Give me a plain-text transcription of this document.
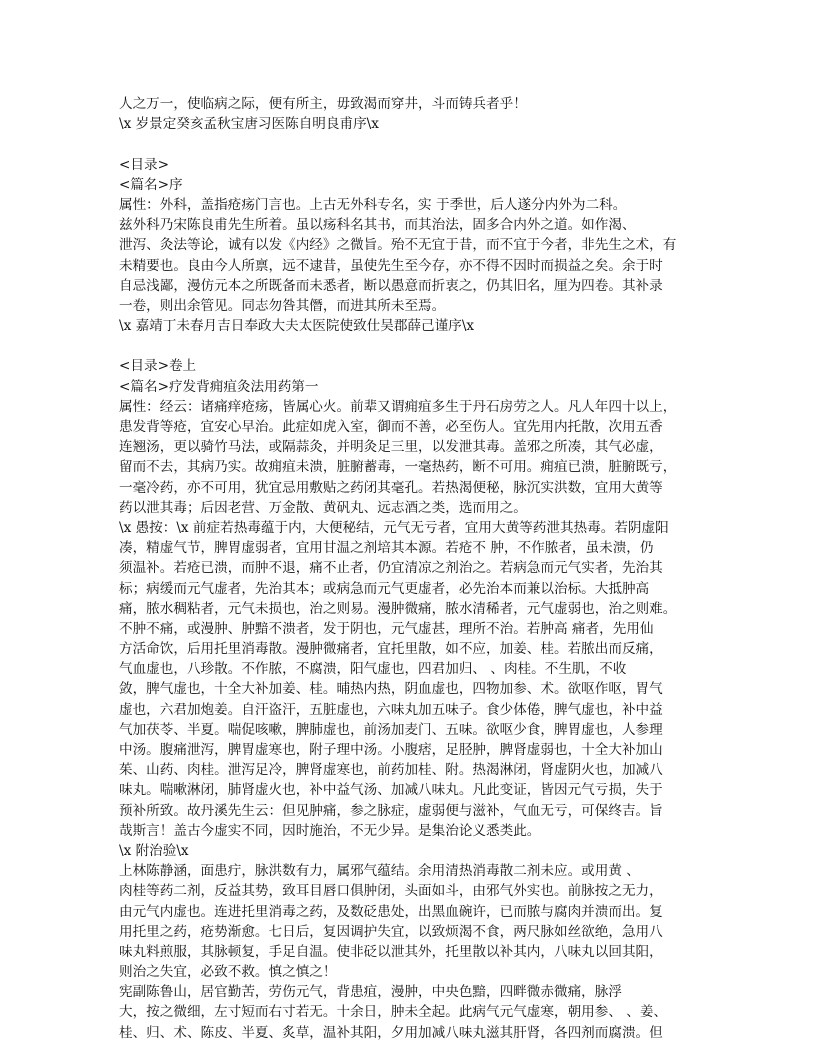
人之万一，使临病之际，便有所主，毋致渴而穿井，斗而铸兵者乎！
\x 岁景定癸亥孟秋宝唐习医陈自明良甫序\x
<目录>
<篇名>序
属性：外科，盖指疮疡门言也。上古无外科专名，实 于季世，后人遂分内外为二科。
兹外科乃宋陈良甫先生所着。虽以疡科名其书，而其治法，固多合内外之道。如作渴、
泄泻、灸法等论，诚有以发《内经》之微旨。殆不无宜于昔，而不宜于今者，非先生之术，有
未精要也。良由今人所禀，远不逮昔，虽使先生至今存，亦不得不因时而损益之矣。余于时
自忌浅鄙，漫仿元本之所既备而未悉者，断以愚意而折衷之，仍其旧名，厘为四卷。其补录
一卷，则出余管见。同志勿咎其僭，而进其所未至焉。
\x 嘉靖丁未春月吉日奉政大夫太医院使致仕吴郡薛己谨序\x
<目录>卷上
<篇名>疗发背痈疽灸法用药第一
属性：经云：诸痛痒疮疡，皆属心火。前辈又谓痈疽多生于丹石房劳之人。凡人年四十以上，
患发背等疮，宜安心早治。此症如虎入室，御而不善，必至伤人。宜先用内托散，次用五香
连翘汤，更以骑竹马法，或隔蒜灸，并明灸足三里，以发泄其毒。盖邪之所凑，其气必虚，
留而不去，其病乃实。故痈疽未溃，脏腑蓄毒，一毫热药，断不可用。痈疽已溃，脏腑既亏，
一毫冷药，亦不可用，犹宜忌用敷贴之药闭其毫孔。若热渴便秘，脉沉实洪数，宜用大黄等
药以泄其毒；后因老营、万金散、黄矾丸、远志酒之类，选而用之。
\x 愚按：\x 前症若热毒蕴于内，大便秘结，元气无亏者，宜用大黄等药泄其热毒。若阴虚阳
凑，精虚气节，脾胃虚弱者，宜用甘温之剂培其本源。若疮不 肿，不作脓者，虽未溃，仍
须温补。若疮已溃，而肿不退，痛不止者，仍宜清凉之剂治之。若病急而元气实者，先治其
标；病缓而元气虚者，先治其本；或病急而元气更虚者，必先治本而兼以治标。大抵肿高
痛，脓水稠粘者，元气未损也，治之则易。漫肿微痛，脓水清稀者，元气虚弱也，治之则难。
不肿不痛，或漫肿、肿黯不溃者，发于阴也，元气虚甚，理所不治。若肿高 痛者，先用仙
方活命饮，后用托里消毒散。漫肿微痛者，宜托里散，如不应，加姜、桂。若脓出而反痛，
气血虚也，八珍散。不作脓，不腐溃，阳气虚也，四君加归、 、肉桂。不生肌，不收
敛，脾气虚也，十全大补加姜、桂。晡热内热，阴血虚也，四物加参、术。欲呕作呕，胃气
虚也，六君加炮姜。自汗盗汗，五脏虚也，六味丸加五味子。食少体倦，脾气虚也，补中益
气加茯苓、半夏。喘促咳嗽，脾肺虚也，前汤加麦门、五味。欲呕少食，脾胃虚也，人参理
中汤。腹痛泄泻，脾胃虚寒也，附子理中汤。小腹痞，足胫肿，脾肾虚弱也，十全大补加山
茱、山药、肉桂。泄泻足冷，脾肾虚寒也，前药加桂、附。热渴淋闭，肾虚阴火也，加减八
味丸。喘嗽淋闭，肺肾虚火也，补中益气汤、加减八味丸。凡此变证，皆因元气亏损，失于
预补所致。故丹溪先生云：但见肿痛，参之脉症，虚弱便与滋补，气血无亏，可保终吉。旨
哉斯言！盖古今虚实不同，因时施治，不无少异。是集治论义悉类此。
\x 附治验\x
上林陈静涵，面患疔，脉洪数有力，属邪气蕴结。余用清热消毒散二剂未应。或用黄 、
肉桂等药二剂，反益其势，致耳目唇口俱肿闭，头面如斗，由邪气外实也。前脉按之无力，
由元气内虚也。连进托里消毒之药，及数砭患处，出黑血碗许，已而脓与腐肉并溃而出。复
用托里之药，疮势渐愈。七日后，复因调护失宜，以致烦渴不食，两尺脉如丝欲绝，急用八
味丸料煎服，其脉顿复，手足自温。使非砭以泄其外，托里散以补其内，八味丸以回其阳，
则治之失宜，必致不救。慎之慎之！
宪副陈鲁山，居官勤苦，劳伤元气，背患疽，漫肿，中央色黯，四畔微赤微痛，脉浮
大，按之微细，左寸短而右寸若无。十余日，肿未全起。此病气元气虚寒，朝用参、 、姜、
桂、归、术、陈皮、半夏、炙草，温补其阳，夕用加减八味丸滋其肝肾，各四剂而腐溃。但
